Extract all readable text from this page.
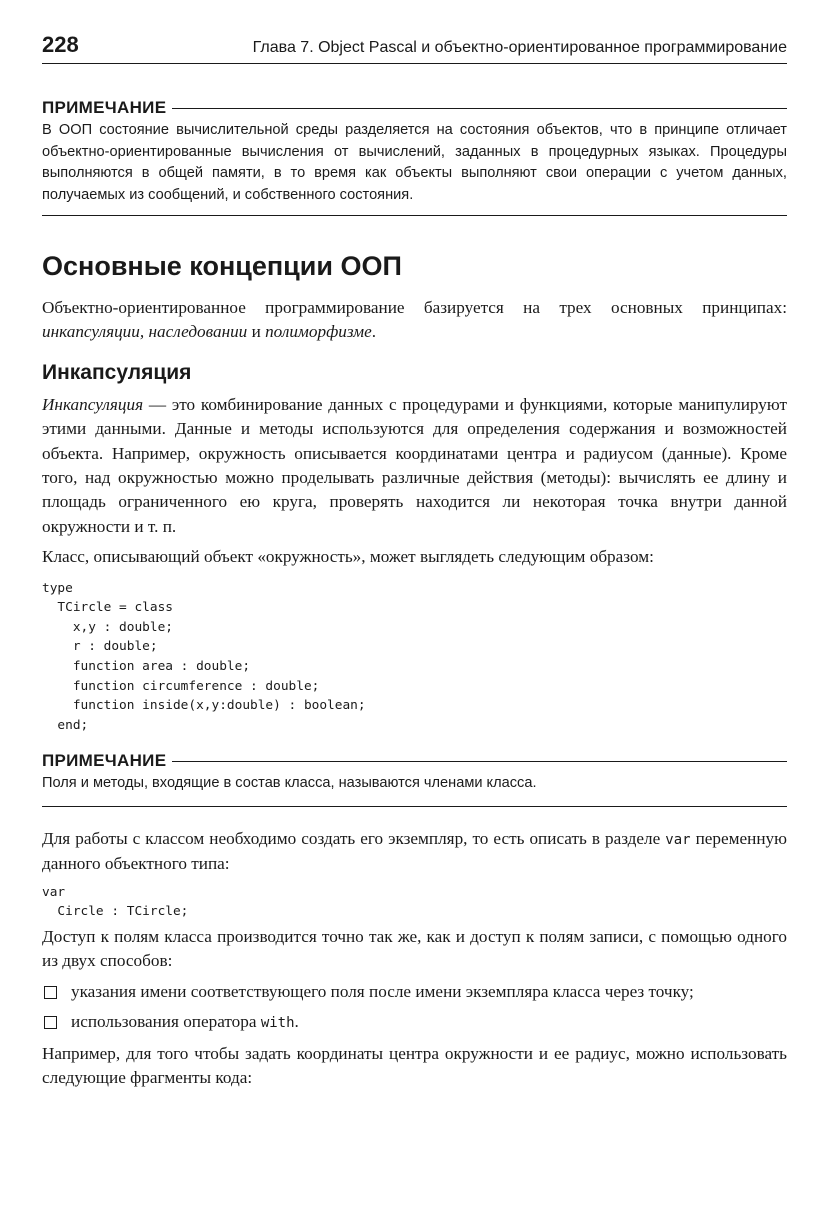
228	Глава 7. Object Pascal и объектно-ориентированное программирование
ПРИМЕЧАНИЕ
В ООП состояние вычислительной среды разделяется на состояния объектов, что в принципе отличает объектно-ориентированные вычисления от вычислений, заданных в процедурных языках. Процедуры выполняются в общей памяти, в то время как объекты выполняют свои операции с учетом данных, получаемых из сообщений, и собственного состояния.
Основные концепции ООП

Объектно-ориентированное программирование базируется на трех основных принципах: инкапсуляции, наследовании и полиморфизме.

Инкапсуляция

Инкапсуляция — это комбинирование данных с процедурами и функциями, которые манипулируют этими данными. Данные и методы используются для определения содержания и возможностей объекта. Например, окружность описывается координатами центра и радиусом (данные). Кроме того, над окружностью можно проделывать различные действия (методы): вычислять ее длину и площадь ограниченного ею круга, проверять находится ли некоторая точка внутри данной окружности и т. п.

Класс, описывающий объект «окружность», может выглядеть следующим образом:

type
TCircle = class
x,y : double;
r : double;
function area : double;
function circumference : double;
function inside(x,y:double) : boolean;
end;
ПРИМЕЧАНИЕ
Поля и методы, входящие в состав класса, называются членами класса.

Для работы с классом необходимо создать его экземпляр, то есть описать в разделе var переменную данного объектного типа:

var
Circle : TCircle;

Доступ к полям класса производится точно так же, как и доступ к полям записи, с помощью одного из двух способов:

указания имени соответствующего поля после имени экземпляра класса через точку;
использования оператора with.

Например, для того чтобы задать координаты центра окружности и ее радиус, можно использовать следующие фрагменты кода:
